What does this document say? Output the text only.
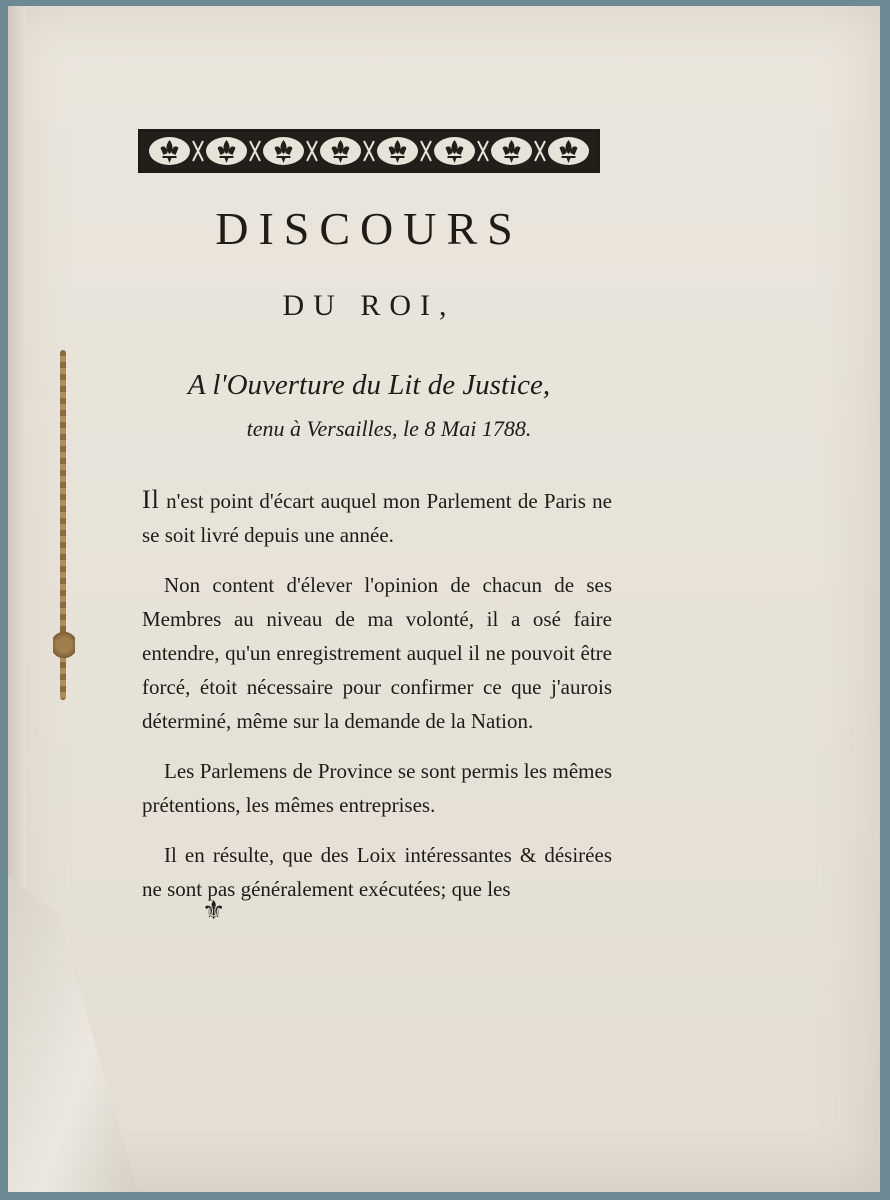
DISCOURS
DU ROI,

A l'Ouverture du Lit de Justice,

tenu à Versailles, le 8 Mai 1788.

Il n'est point d'écart auquel mon Parlement de Paris ne se soit livré depuis une année.

Non content d'élever l'opinion de chacun de ses Membres au niveau de ma volonté, il a osé faire entendre, qu'un enregistrement auquel il ne pouvoit être forcé, étoit nécessaire pour confirmer ce que j'aurois déterminé, même sur la demande de la Nation.

Les Parlemens de Province se sont permis les mêmes prétentions, les mêmes entreprises.

Il en résulte, que des Loix intéressantes & désirées ne sont pas généralement exécutées; que les

⚜
